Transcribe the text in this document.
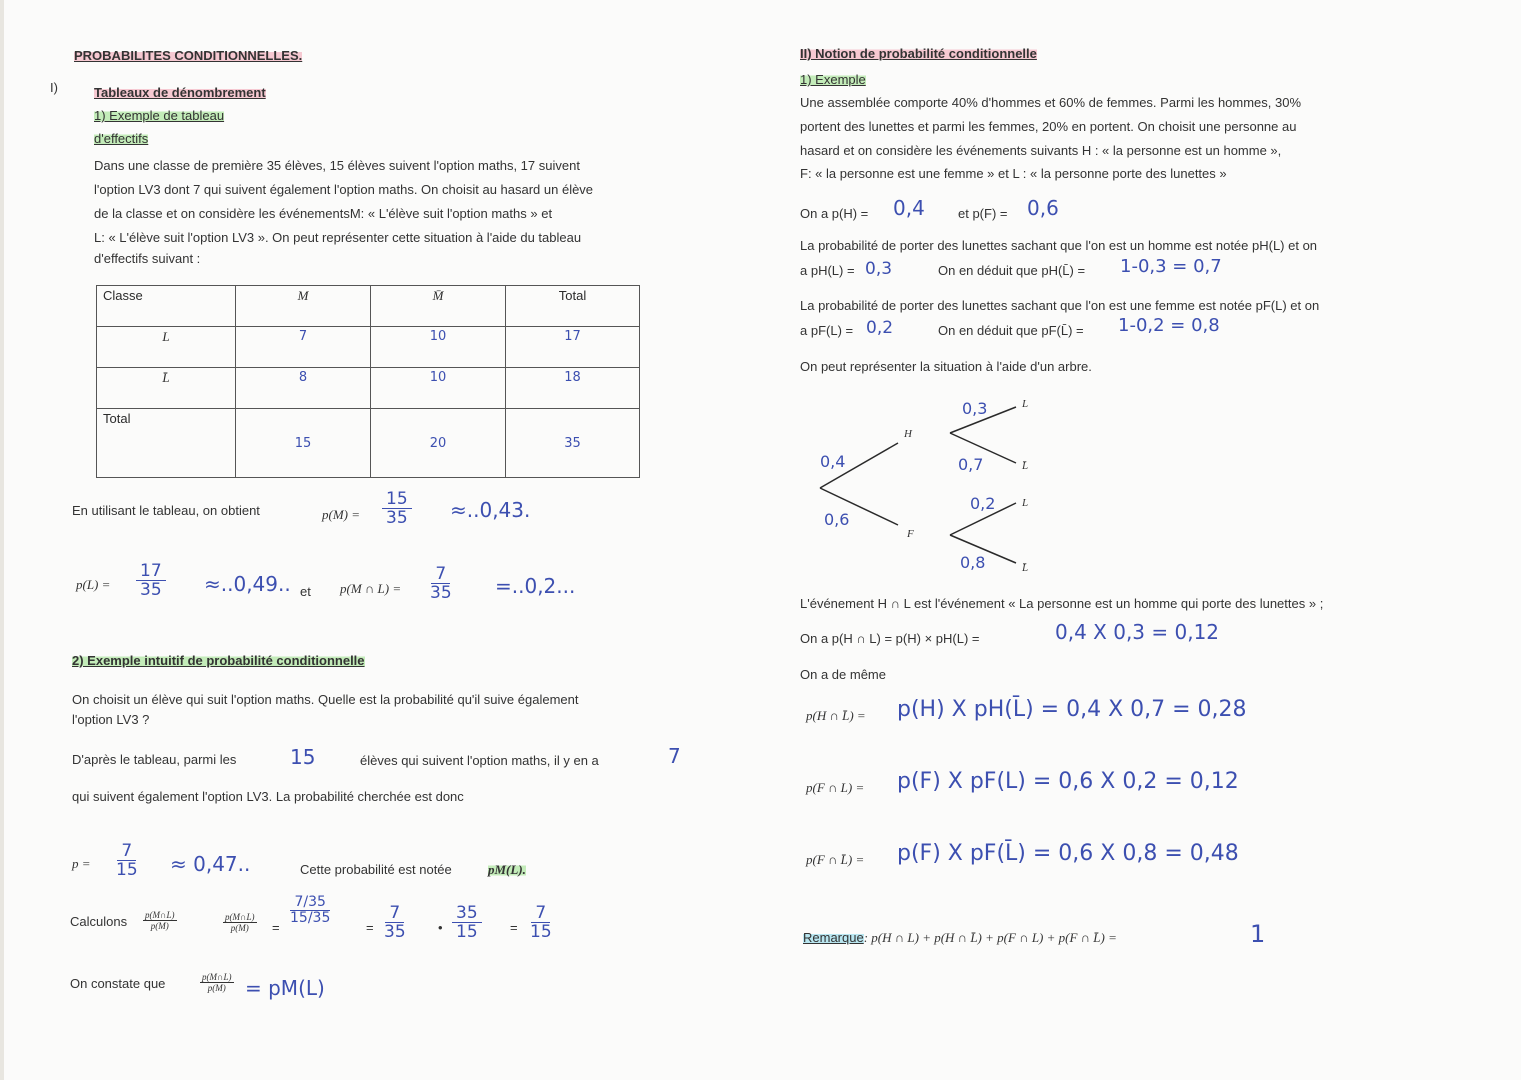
PROBABILITES CONDITIONNELLES.
I)	Tableaux de dénombrement
1) Exemple de tableau
d'effectifs
Dans une classe de première 35 élèves, 15 élèves suivent l'option maths, 17 suivent
l'option LV3 dont 7 qui suivent également l'option maths. On choisit au hasard un élève
de la classe et on considère les événementsM: « L'élève suit l'option maths » et
L: « L'élève suit l'option LV3 ». On peut représenter cette situation à l'aide du tableau
d'effectifs suivant :
Classe	M	M̄	Total
L	7	10	17
L̄	8	10	18
Total	15	20	35
En utilisant le tableau, on obtient	$p(M) = \frac{15}{35} \approx..0,43$.
$p(L) = \frac{17}{35} \approx..0,49$.. et p(M ∩ $L) = \frac{7}{35} =..0,2$...
2) Exemple intuitif de probabilité conditionnelle
On choisit un élève qui suit l'option maths. Quelle est la probabilité qu'il suive également
l'option LV3 ?
D'après le tableau, parmi les	15	élèves qui suivent l'option maths, il y en a	7
qui suivent également l'option LV3. La probabilité cherchée est donc
$p = \frac{7}{15} \approx 0,47$..	Cette probabilité est notée	pM(L).
Calculons p(M∩L)
p(M)
p(M∩L)
p(M) =
$\frac{7/35}{15/35}$
= $\frac{7}{35}$ • $\frac{35}{15} = \frac{7}{15}$
On constate que	p(M∩L)
p(M) = pM(L)
II) Notion de probabilité conditionnelle
1) Exemple
Une assemblée comporte 40% d'hommes et 60% de femmes. Parmi les hommes, 30%
portent des lunettes et parmi les femmes, 20% en portent. On choisit une personne au
hasard et on considère les événements suivants H : « la personne est un homme »,
F: « la personne est une femme » et L : « la personne porte des lunettes »
On a p(H) = 0,4	et p(F) = 0,6
La probabilité de porter des lunettes sachant que l'on est un homme est notée pH(L) et on
a pH(L) = 0,3	On en déduit que pH(L̄) = 1-0,3 = 0,7
La probabilité de porter des lunettes sachant que l'on est une femme est notée pF(L) et on
a pF(L) = 0,2	On en déduit que pF(L̄) = 1-0,2 = 0,8
On peut représenter la situation à l'aide d'un arbre.
H
F
L
L̄
L
L̄
0,4
0,6
0,3
0,7
0,2
0,8
L'événement H ∩ L est l'événement « La personne est un homme qui porte des lunettes » ;
On a p(H ∩ L) = p(H) × pH(L) =	0,4 X 0,3 = 0,12
On a de même
p(H ∩ L̄) = p(H) X pH(L̄) = 0,4 X 0,7 = 0,28
p(F ∩ L) = p(F) X pF(L) = 0,6 X 0,2 = 0,12
p(F ∩ L̄) = p(F) X pF(L̄) = 0,6 X 0,8 = 0,48
Remarque: p(H ∩ L) + p(H ∩ L̄) + p(F ∩ L) + p(F ∩ L̄) =	1
